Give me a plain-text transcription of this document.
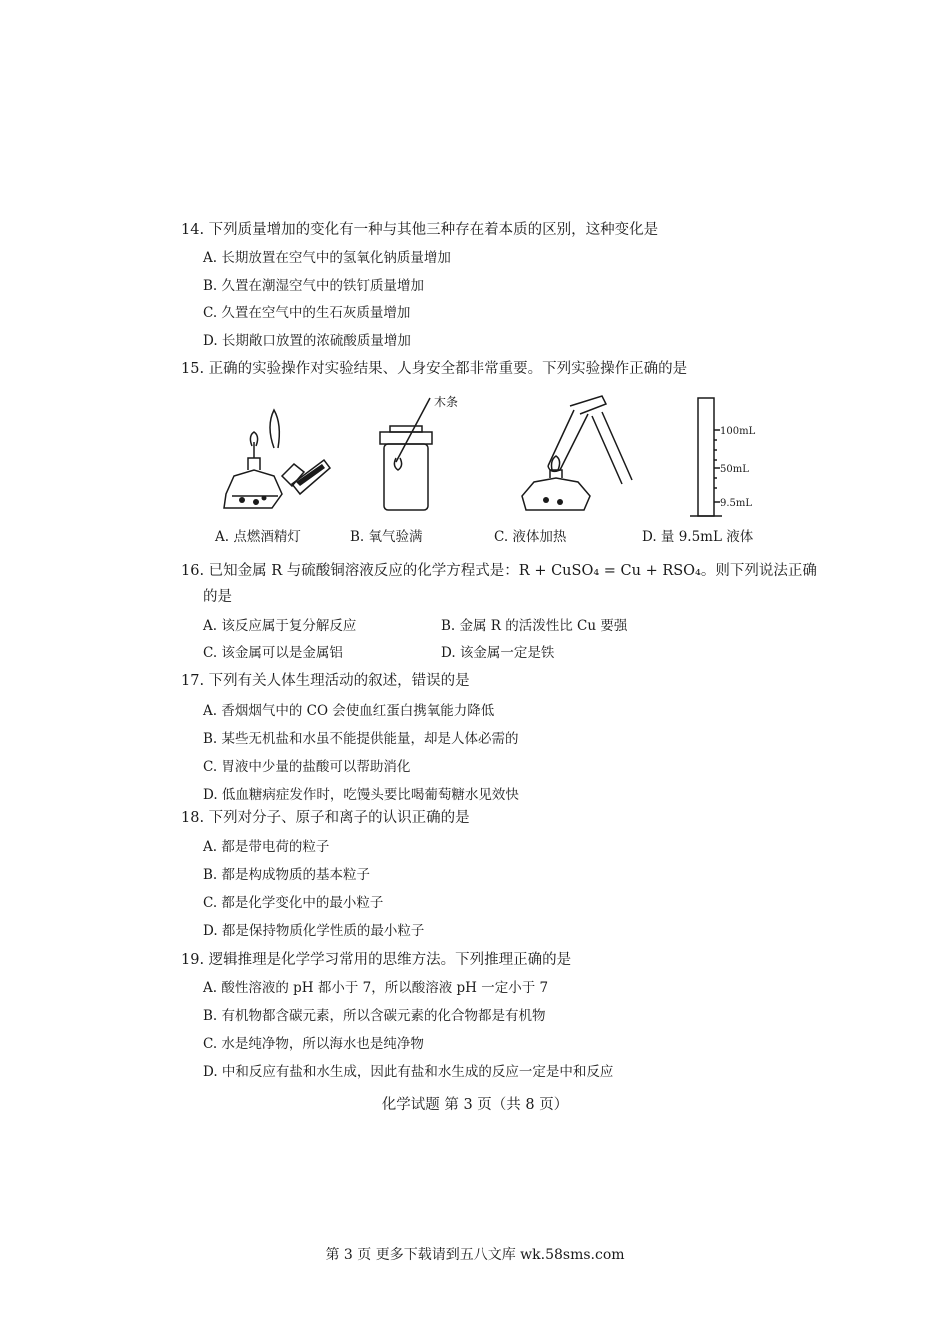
14. 下列质量增加的变化有一种与其他三种存在着本质的区别，这种变化是
A. 长期放置在空气中的氢氧化钠质量增加
B. 久置在潮湿空气中的铁钉质量增加
C. 久置在空气中的生石灰质量增加
D. 长期敞口放置的浓硫酸质量增加
15. 正确的实验操作对实验结果、人身安全都非常重要。下列实验操作正确的是
木条
100mL
50mL
9.5mL
A. 点燃酒精灯	B. 氧气验满	C. 液体加热	D. 量 9.5mL 液体
16. 已知金属 R 与硫酸铜溶液反应的化学方程式是：R + CuSO₄ = Cu + RSO₄。则下列说法正确
的是
A. 该反应属于复分解反应	B. 金属 R 的活泼性比 Cu 要强
C. 该金属可以是金属铝	D. 该金属一定是铁
17. 下列有关人体生理活动的叙述，错误的是
A. 香烟烟气中的 CO 会使血红蛋白携氧能力降低
B. 某些无机盐和水虽不能提供能量，却是人体必需的
C. 胃液中少量的盐酸可以帮助消化
D. 低血糖病症发作时，吃馒头要比喝葡萄糖水见效快
18. 下列对分子、原子和离子的认识正确的是
A. 都是带电荷的粒子
B. 都是构成物质的基本粒子
C. 都是化学变化中的最小粒子
D. 都是保持物质化学性质的最小粒子
19. 逻辑推理是化学学习常用的思维方法。下列推理正确的是
A. 酸性溶液的 pH 都小于 7，所以酸溶液 pH 一定小于 7
B. 有机物都含碳元素，所以含碳元素的化合物都是有机物
C. 水是纯净物，所以海水也是纯净物
D. 中和反应有盐和水生成，因此有盐和水生成的反应一定是中和反应
化学试题 第 3 页（共 8 页）
第 3 页 更多下载请到五八文库 wk.58sms.com
